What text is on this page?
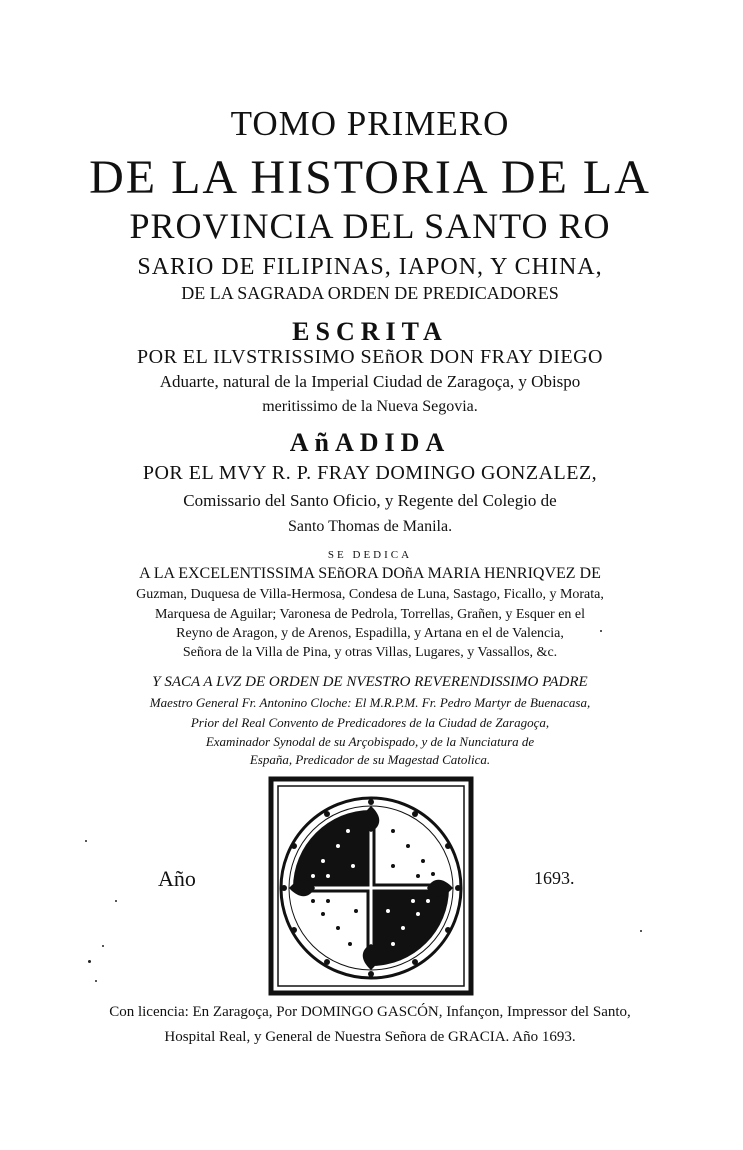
TOMO PRIMERO
DE LA HISTORIA DE LA
PROVINCIA DEL SANTO RO
SARIO DE FILIPINAS, IAPON, Y CHINA,
DE LA SAGRADA ORDEN DE PREDICADORES
ESCRITA
POR EL ILVSTRISSIMO SEñOR DON FRAY DIEGO
Aduarte, natural de la Imperial Ciudad de Zaragoça, y Obispo
meritissimo de la Nueva Segovia.
AñADIDA
POR EL MVY R. P. FRAY DOMINGO GONZALEZ,
Comissario del Santo Oficio, y Regente del Colegio de
Santo Thomas de Manila.
SE DEDICA
A LA EXCELENTISSIMA SEñORA DOñA MARIA HENRIQVEZ DE
Guzman, Duquesa de Villa-Hermosa, Condesa de Luna, Sastago, Ficallo, y Morata,
Marquesa de Aguilar; Varonesa de Pedrola, Torrellas, Grañen, y Esquer en el
Reyno de Aragon, y de Arenos, Espadilla, y Artana en el de Valencia,
Señora de la Villa de Pina, y otras Villas, Lugares, y Vassallos, &c.
Y SACA A LVZ DE ORDEN DE NVESTRO REVERENDISSIMO PADRE
Maestro General Fr. Antonino Cloche: El M.R.P.M. Fr. Pedro Martyr de Buenacasa,
Prior del Real Convento de Predicadores de la Ciudad de Zaragoça,
Examinador Synodal de su Arçobispado, y de la Nunciatura de
España, Predicador de su Magestad Catolica.
Año	1693.
Con licencia: En Zaragoça, Por DOMINGO GASCÓN, Infançon, Impressor del Santo,
Hospital Real, y General de Nuestra Señora de GRACIA. Año 1693.
